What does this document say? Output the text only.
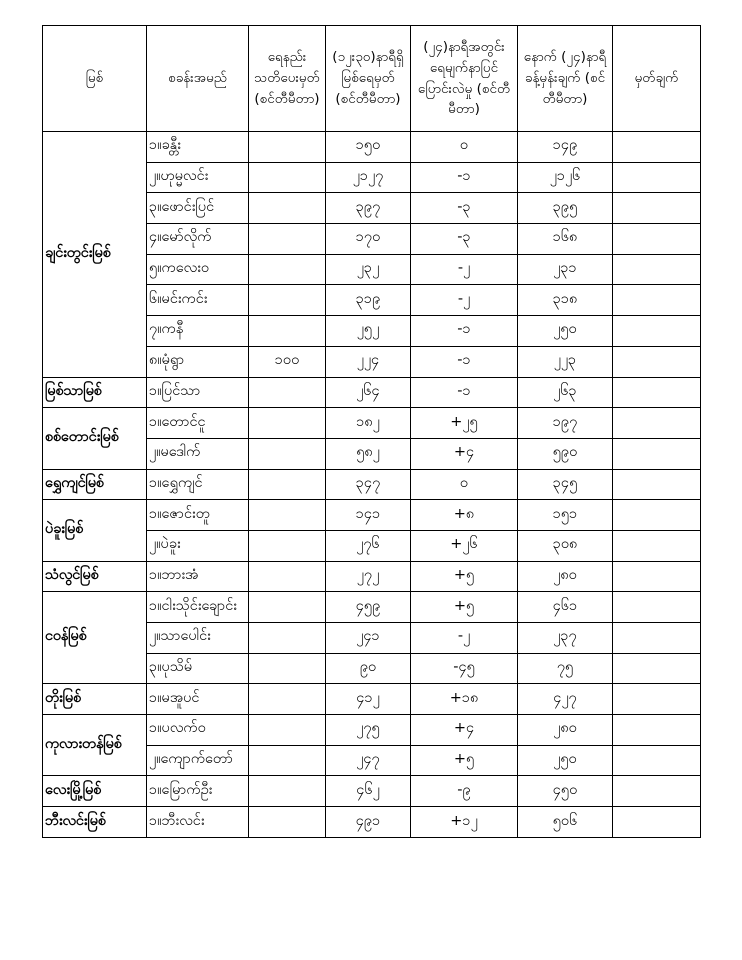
မြစ်	စခန်းအမည်	ရေနည်း သတိပေးမှတ် (စင်တီမီတာ)	(၁၂း၃၀)နာရီရှိ မြစ်ရေမှတ် (စင်တီမီတာ)	(၂၄)နာရီအတွင်း ရေမျက်နာပြင် ပြောင်းလဲမှု (စင်တီမီတာ)	နောက် (၂၄)နာရီ ခန့်မှန်းချက် (စင်တီမီတာ)	မှတ်ချက်
ချင်းတွင်းမြစ်	၁။ခန္တီး		၁၅၀	၀	၁၄၉	
	၂။ဟုမ္မလင်း		၂၁၂၇	-၁	၂၁၂၆	
	၃။ဖောင်းပြင်		၃၉၇	-၃	၃၉၅	
	၄။မော်လိုက်		၁၇၀	-၃	၁၆၈	
	၅။ကလေးဝ		၂၃၂	-၂	၂၃၁	
	၆။မင်းကင်း		၃၁၉	-၂	၃၁၈	
	၇။ကနီ		၂၅၂	-၁	၂၅၀	
	၈။မုံရွာ	၁၀၀	၂၂၄	-၁	၂၂၃	
မြစ်သာမြစ်	၁။ပြင်သာ		၂၆၄	-၁	၂၆၃	
စစ်တောင်းမြစ်	၁။တောင်ငူ		၁၈၂	+၂၅	၁၉၇	
	၂။မဒေါက်		၅၈၂	+၄	၅၉၀	
ရွှေကျင်မြစ်	၁။ရွှေကျင်		၃၄၇	၀	၃၄၅	
ပဲခူးမြစ်	၁။ဇောင်းတူ		၁၄၁	+၈	၁၅၁	
	၂။ပဲခူး		၂၇၆	+၂၆	၃၀၈	
သံလွင်မြစ်	၁။ဘားအံ		၂၇၂	+၅	၂၈၀	
ငဝန်မြစ်	၁။ငါးသိုင်းချောင်း		၄၅၉	+၅	၄၆၁	
	၂။သာပေါင်း		၂၄၁	-၂	၂၃၇	
	၃။ပုသိမ်		၉၀	-၄၅	၇၅	
တိုးမြစ်	၁။မအူပင်		၄၁၂	+၁၈	၄၂၇	
ကုလားတန်မြစ်	၁။ပလက်ဝ		၂၇၅	+၄	၂၈၀	
	၂။ကျောက်တော်		၂၄၇	+၅	၂၅၀	
လေးမြို့မြစ်	၁။မြောက်ဦး		၄၆၂	-၉	၄၅၀	
ဘီးလင်းမြစ်	၁။ဘီးလင်း		၄၉၁	+၁၂	၅၀၆	
